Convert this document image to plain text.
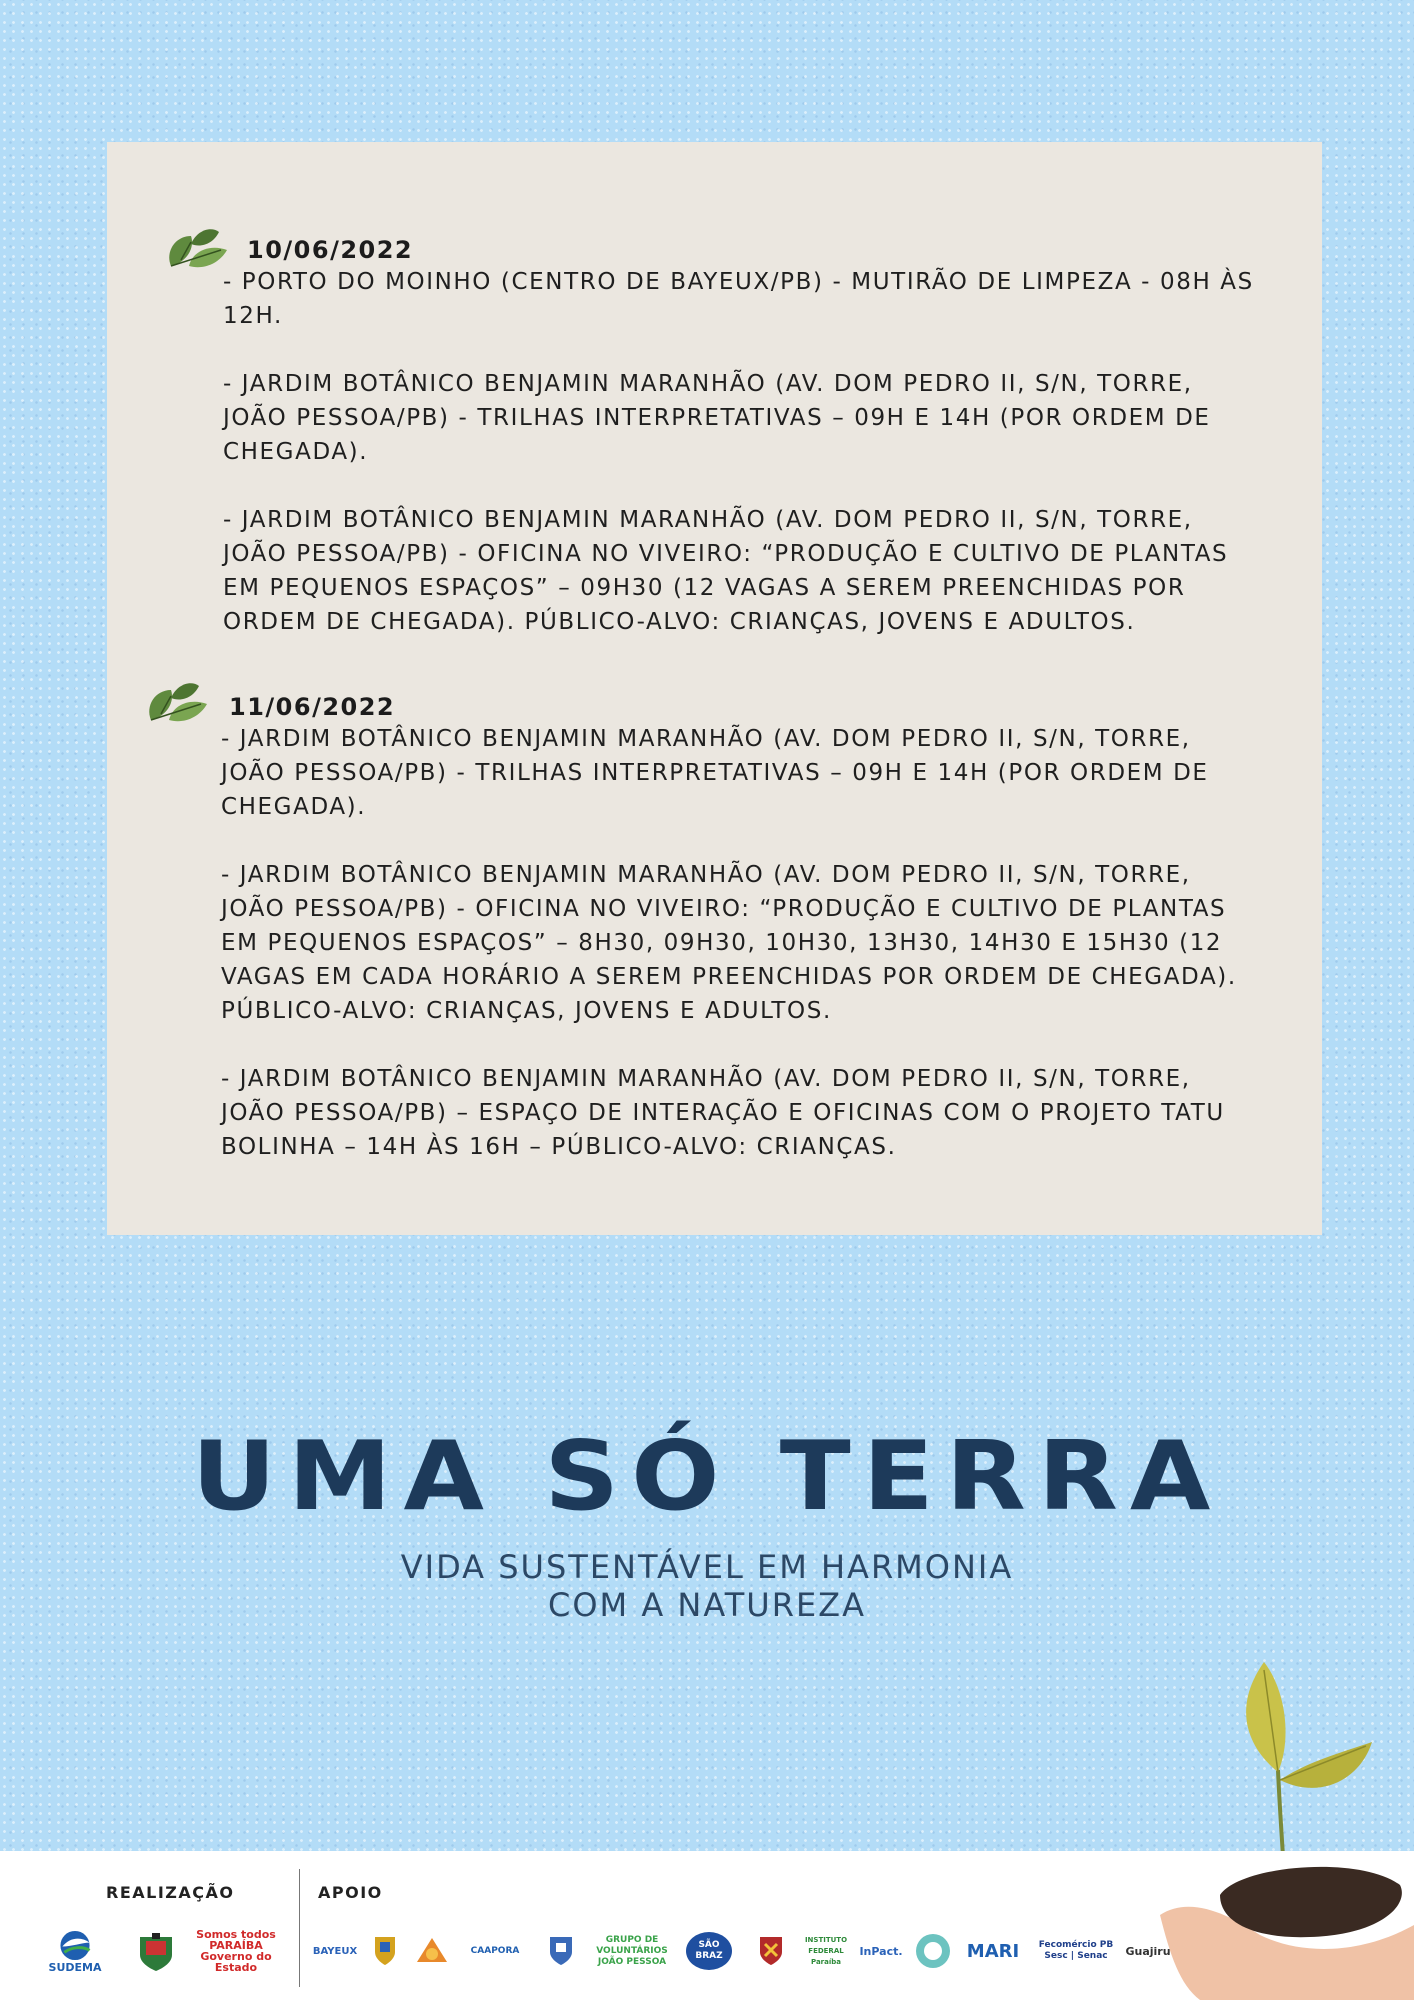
10/06/2022

- PORTO DO MOINHO (CENTRO DE BAYEUX/PB) - MUTIRÃO DE LIMPEZA - 08H ÀS
12H.

- JARDIM BOTÂNICO BENJAMIN MARANHÃO (AV. DOM PEDRO II, S/N, TORRE,
JOÃO PESSOA/PB) - TRILHAS INTERPRETATIVAS – 09H E 14H (POR ORDEM DE
CHEGADA).

- JARDIM BOTÂNICO BENJAMIN MARANHÃO (AV. DOM PEDRO II, S/N, TORRE,
JOÃO PESSOA/PB) - OFICINA NO VIVEIRO: “PRODUÇÃO E CULTIVO DE PLANTAS
EM PEQUENOS ESPAÇOS” – 09H30 (12 VAGAS A SEREM PREENCHIDAS POR
ORDEM DE CHEGADA). PÚBLICO-ALVO: CRIANÇAS, JOVENS E ADULTOS.

11/06/2022

- JARDIM BOTÂNICO BENJAMIN MARANHÃO (AV. DOM PEDRO II, S/N, TORRE,
JOÃO PESSOA/PB) - TRILHAS INTERPRETATIVAS – 09H E 14H (POR ORDEM DE
CHEGADA).

- JARDIM BOTÂNICO BENJAMIN MARANHÃO (AV. DOM PEDRO II, S/N, TORRE,
JOÃO PESSOA/PB) - OFICINA NO VIVEIRO: “PRODUÇÃO E CULTIVO DE PLANTAS
EM PEQUENOS ESPAÇOS” – 8H30, 09H30, 10H30, 13H30, 14H30 E 15H30 (12
VAGAS EM CADA HORÁRIO A SEREM PREENCHIDAS POR ORDEM DE CHEGADA).
PÚBLICO-ALVO: CRIANÇAS, JOVENS E ADULTOS.

- JARDIM BOTÂNICO BENJAMIN MARANHÃO (AV. DOM PEDRO II, S/N, TORRE,
JOÃO PESSOA/PB) – ESPAÇO DE INTERAÇÃO E OFICINAS COM O PROJETO TATU
BOLINHA – 14H ÀS 16H – PÚBLICO-ALVO: CRIANÇAS.

UMA SÓ TERRA
VIDA SUSTENTÁVEL EM HARMONIA
COM A NATUREZA
REALIZAÇÃO	APOIO
SUDEMA
Somos todos PARAÍBA Governo do Estado
BAYEUX	CAAPORA
GRUPO DE VOLUNTÁRIOS JOÃO PESSOA
SÃO BRAZ
INSTITUTO FEDERAL Paraíba
InPact.	MARI	Fecomércio PB Sesc | Senac	Guajiru
